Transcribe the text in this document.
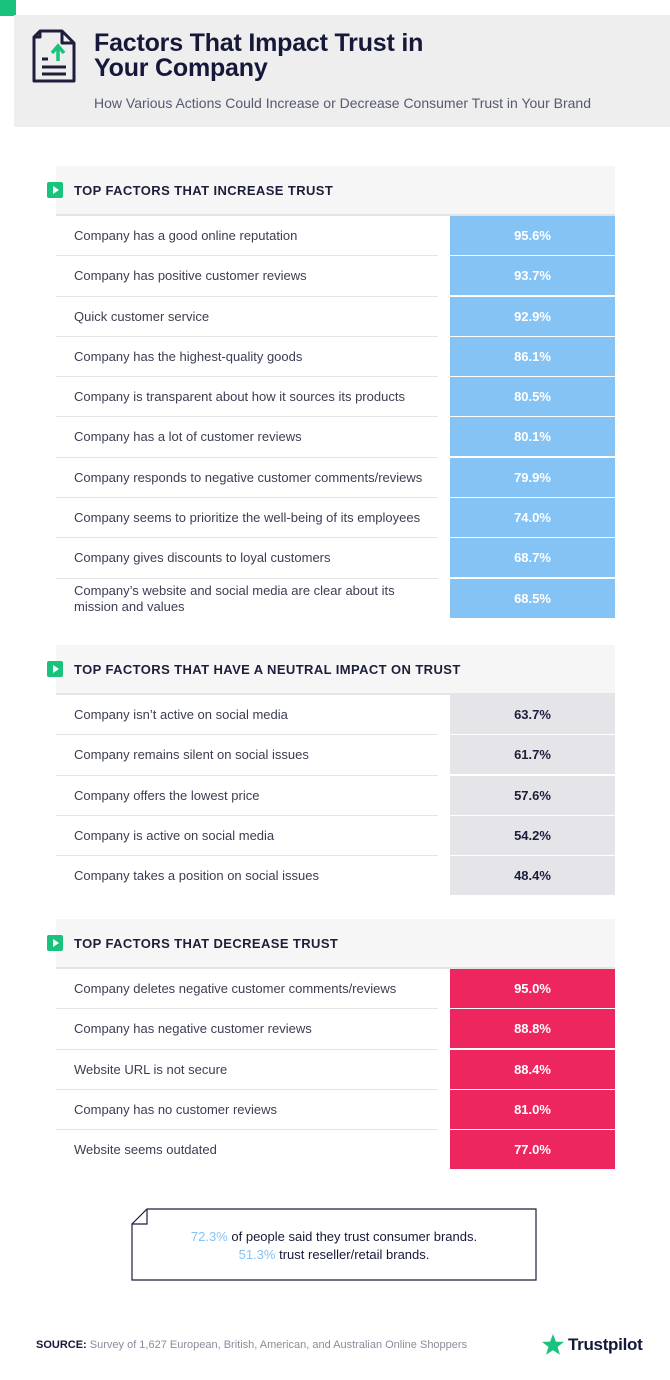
Factors That Impact Trust in
Your Company

How Various Actions Could Increase or Decrease Consumer Trust in Your Brand

TOP FACTORS THAT INCREASE TRUST
Company has a good online reputation	95.6%
Company has positive customer reviews	93.7%
Quick customer service	92.9%
Company has the highest-quality goods	86.1%
Company is transparent about how it sources its products	80.5%
Company has a lot of customer reviews	80.1%
Company responds to negative customer comments/reviews	79.9%
Company seems to prioritize the well-being of its employees	74.0%
Company gives discounts to loyal customers	68.7%
Company’s website and social media are clear about its mission and values
68.5%
TOP FACTORS THAT HAVE A NEUTRAL IMPACT ON TRUST
Company isn’t active on social media	63.7%
Company remains silent on social issues	61.7%
Company offers the lowest price	57.6%
Company is active on social media	54.2%
Company takes a position on social issues	48.4%
TOP FACTORS THAT DECREASE TRUST
Company deletes negative customer comments/reviews	95.0%
Company has negative customer reviews	88.8%
Website URL is not secure	88.4%
Company has no customer reviews	81.0%
Website seems outdated	77.0%
72.3% of people said they trust consumer brands.
51.3% trust reseller/retail brands.
SOURCE: Survey of 1,627 European, British, American, and Australian Online Shoppers	Trustpilot
